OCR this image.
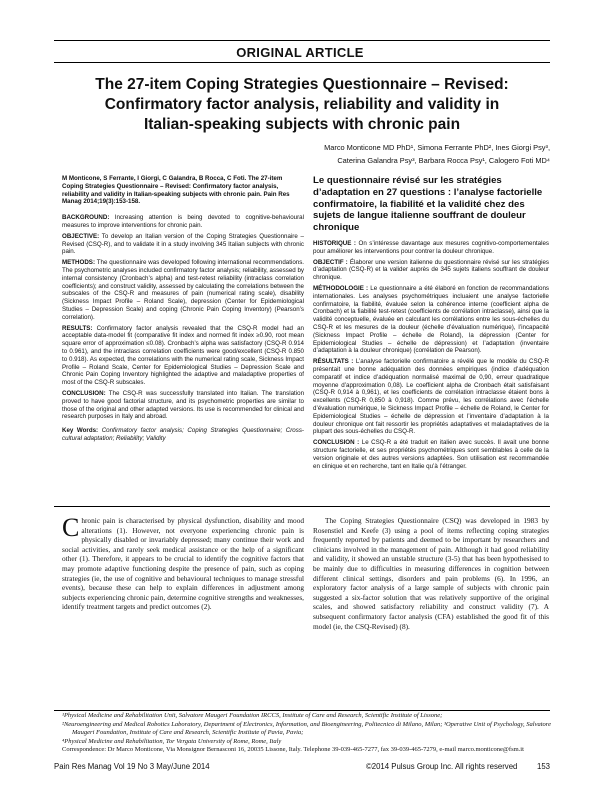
ORIGINAL ARTICLE
The 27-item Coping Strategies Questionnaire – Revised:
Confirmatory factor analysis, reliability and validity in
Italian-speaking subjects with chronic pain
Marco Monticone MD PhD¹, Simona Ferrante PhD², Ines Giorgi Psy³,
Caterina Galandra Psy³, Barbara Rocca Psy¹, Calogero Foti MD⁴
M Monticone, S Ferrante, I Giorgi, C Galandra, B Rocca, C Foti. The 27-item Coping Strategies Questionnaire – Revised: Confirmatory factor analysis, reliability and validity in Italian-speaking subjects with chronic pain. Pain Res Manag 2014;19(3):153-158.

BACKGROUND: Increasing attention is being devoted to cognitive-behavioural measures to improve interventions for chronic pain.

OBJECTIVE: To develop an Italian version of the Coping Strategies Questionnaire – Revised (CSQ-R), and to validate it in a study involving 345 Italian subjects with chronic pain.

METHODS: The questionnaire was developed following international recommendations. The psychometric analyses included confirmatory factor analysis; reliability, assessed by internal consistency (Cronbach’s alpha) and test-retest reliability (intraclass correlation coefficients); and construct validity, assessed by calculating the correlations between the subscales of the CSQ-R and measures of pain (numerical rating scale), disability (Sickness Impact Profile – Roland Scale), depression (Center for Epidemiological Studies – Depression Scale) and coping (Chronic Pain Coping Inventory) (Pearson’s correlation).

RESULTS: Confirmatory factor analysis revealed that the CSQ-R model had an acceptable data-model fit (comparative fit index and normed fit index ≥0.90, root mean square error of approximation ≤0.08). Cronbach’s alpha was satisfactory (CSQ-R 0.914 to 0.961), and the intraclass correlation coefficients were good/excellent (CSQ-R 0.850 to 0.918). As expected, the correlations with the numerical rating scale, Sickness Impact Profile – Roland Scale, Center for Epidemiological Studies – Depression Scale and Chronic Pain Coping Inventory highlighted the adaptive and maladaptive properties of most of the CSQ-R subscales.

CONCLUSION: The CSQ-R was successfully translated into Italian. The translation proved to have good factorial structure, and its psychometric properties are similar to those of the original and other adapted versions. Its use is recommended for clinical and research purposes in Italy and abroad.

Key Words: Confirmatory factor analysis; Coping Strategies Questionnaire; Cross-cultural adaptation; Reliability; Validity

Le questionnaire révisé sur les stratégies d’adaptation en 27 questions : l’analyse factorielle confirmatoire, la fiabilité et la validité chez des sujets de langue italienne souffrant de douleur chronique

HISTORIQUE : On s’intéresse davantage aux mesures cognitivo-comportementales pour améliorer les interventions pour contrer la douleur chronique.

OBJECTIF : Élaborer une version italienne du questionnaire révisé sur les stratégies d’adaptation (CSQ-R) et la valider auprès de 345 sujets italiens souffrant de douleur chronique.

MÉTHODOLOGIE : Le questionnaire a été élaboré en fonction de recommandations internationales. Les analyses psychométriques incluaient une analyse factorielle confirmatoire, la fiabilité, évaluée selon la cohérence interne (coefficient alpha de Cronbach) et la fiabilité test-retest (coefficients de corrélation intraclasse), ainsi que la validité conceptuelle, évaluée en calculant les corrélations entre les sous-échelles du CSQ-R et les mesures de la douleur (échelle d’évaluation numérique), l’incapacité (Sickness Impact Profile – échelle de Roland), la dépression (Center for Epidemiological Studies – échelle de dépression) et l’adaptation (inventaire d’adaptation à la douleur chronique) (corrélation de Pearson).

RÉSULTATS : L’analyse factorielle confirmatoire a révélé que le modèle du CSQ-R présentait une bonne adéquation des données empiriques (indice d’adéquation comparatif et indice d’adéquation normalisé maximal de 0,90, erreur quadratique moyenne d’approximation 0,08). Le coefficient alpha de Cronbach était satisfaisant (CSQ-R 0,914 à 0,961), et les coefficients de corrélation intraclasse étaient bons à excellents (CSQ-R 0,850 à 0,918). Comme prévu, les corrélations avec l’échelle d’évaluation numérique, le Sickness Impact Profile – échelle de Roland, le Center for Epidemiological Studies – échelle de dépression et l’inventaire d’adaptation à la douleur chronique ont fait ressortir les propriétés adaptatives et maladaptatives de la plupart des sous-échelles du CSQ-R.

CONCLUSION : Le CSQ-R a été traduit en italien avec succès. Il avait une bonne structure factorielle, et ses propriétés psychométriques sont semblables à celle de la version originale et des autres versions adaptées. Son utilisation est recommandée en clinique et en recherche, tant en Italie qu’à l’étranger.

Chronic pain is characterised by physical dysfunction, disability and mood alterations (1). However, not everyone experiencing chronic pain is physically disabled or invariably depressed; many continue their work and social activities, and rarely seek medical assistance or the help of a significant other (1). Therefore, it appears to be crucial to identify the cognitive factors that may promote adaptive functioning despite the presence of pain, such as coping strategies (ie, the use of cognitive and behavioural techniques to manage stressful events), because these can help to explain differences in adjustment among subjects experiencing chronic pain, determine cognitive strengths and weaknesses, identify treatment targets and predict outcomes (2).
The Coping Strategies Questionnaire (CSQ) was developed in 1983 by Rosenstiel and Keefe (3) using a pool of items reflecting coping strategies frequently reported by patients and deemed to be important by researchers and clinicians involved in the management of pain. Although it had good reliability and validity, it showed an unstable structure (3-5) that has been hypothesised to be mainly due to difficulties in measuring differences in cognition between different clinical settings, disorders and pain problems (6). In 1996, an exploratory factor analysis of a large sample of subjects with chronic pain suggested a six-factor solution that was relatively supportive of the original scales, and showed satisfactory reliability and construct validity (7). A subsequent confirmatory factor analysis (CFA) established the good fit of this model (ie, the CSQ-Revised) (8).
¹Physical Medicine and Rehabilitation Unit, Salvatore Maugeri Foundation IRCCS, Institute of Care and Research, Scientific Institute of Lissone;
²Neuroengineering and Medical Robotics Laboratory, Department of Electronics, Information, and Bioengineering, Politecnico di Milano, Milan; ³Operative Unit of Psychology, Salvatore Maugeri Foundation, Institute of Care and Research, Scientific Institute of Pavia, Pavia;
⁴Physical Medicine and Rehabilitation, Tor Vergata University of Rome, Rome, Italy
Correspondence: Dr Marco Monticone, Via Monsignor Bernasconi 16, 20035 Lissone, Italy. Telephone 39-039-465-7277, fax 39-039-465-7279, e-mail marco.monticone@fsm.it
Pain Res Manag Vol 19 No 3 May/June 2014	©2014 Pulsus Group Inc. All rights reserved	153
